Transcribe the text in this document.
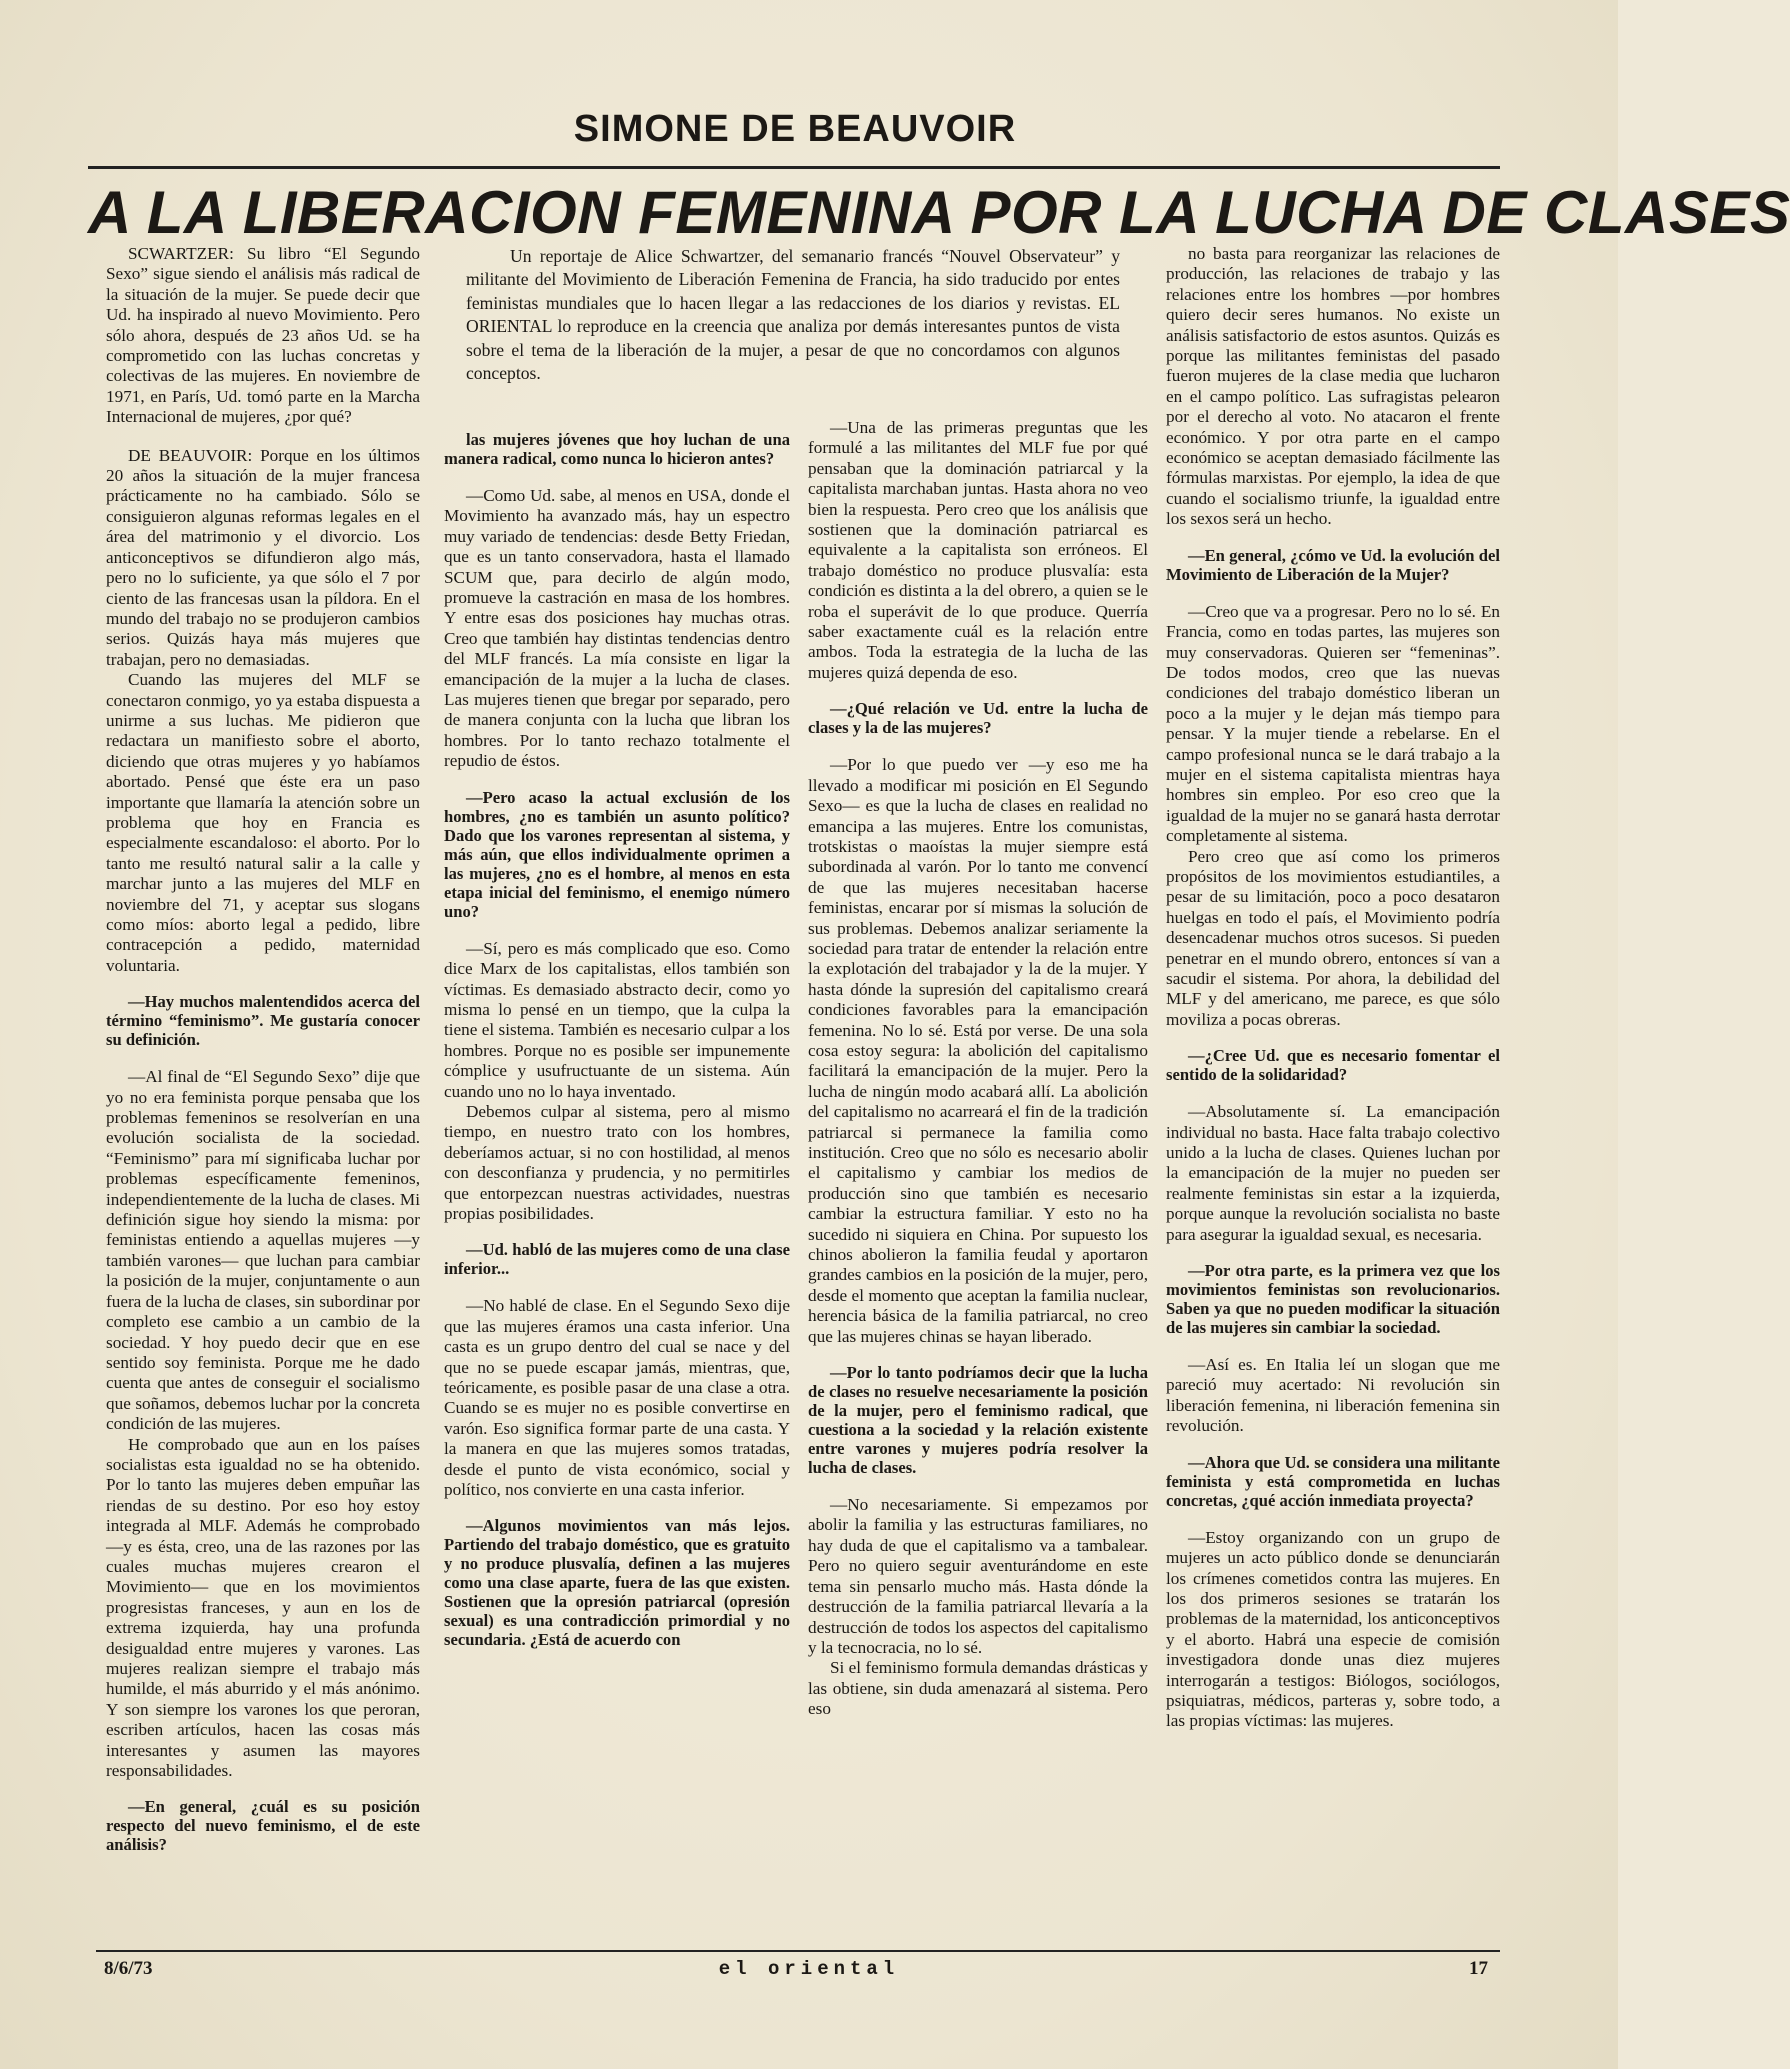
SIMONE DE BEAUVOIR
A LA LIBERACION FEMENINA POR LA LUCHA DE CLASES

Un reportaje de Alice Schwartzer, del semanario francés “Nouvel Observateur” y militante del Movimiento de Liberación Femenina de Francia, ha sido traducido por entes feministas mundiales que lo hacen llegar a las redacciones de los diarios y revistas. EL ORIENTAL lo reproduce en la creencia que analiza por demás interesantes puntos de vista sobre el tema de la liberación de la mujer, a pesar de que no concordamos con algunos conceptos.

SCWARTZER: Su libro “El Segundo Sexo” sigue siendo el análisis más radical de la situación de la mujer. Se puede decir que Ud. ha inspirado al nuevo Movimiento. Pero sólo ahora, después de 23 años Ud. se ha comprometido con las luchas concretas y colectivas de las mujeres. En noviembre de 1971, en París, Ud. tomó parte en la Marcha Internacional de mujeres, ¿por qué?

DE BEAUVOIR: Porque en los últimos 20 años la situación de la mujer francesa prácticamente no ha cambiado. Sólo se consiguieron algunas reformas legales en el área del matrimonio y el divorcio. Los anticonceptivos se difundieron algo más, pero no lo suficiente, ya que sólo el 7 por ciento de las francesas usan la píldora. En el mundo del trabajo no se produjeron cambios serios. Quizás haya más mujeres que trabajan, pero no demasiadas.

Cuando las mujeres del MLF se conectaron conmigo, yo ya estaba dispuesta a unirme a sus luchas. Me pidieron que redactara un manifiesto sobre el aborto, diciendo que otras mujeres y yo habíamos abortado. Pensé que éste era un paso importante que llamaría la atención sobre un problema que hoy en Francia es especialmente escandaloso: el aborto. Por lo tanto me resultó natural salir a la calle y marchar junto a las mujeres del MLF en noviembre del 71, y aceptar sus slogans como míos: aborto legal a pedido, libre contracepción a pedido, maternidad voluntaria.

—Hay muchos malentendidos acerca del término “feminismo”. Me gustaría conocer su definición.

—Al final de “El Segundo Sexo” dije que yo no era feminista porque pensaba que los problemas femeninos se resolverían en una evolución socialista de la sociedad. “Feminismo” para mí significaba luchar por problemas específicamente femeninos, independientemente de la lucha de clases. Mi definición sigue hoy siendo la misma: por feministas entiendo a aquellas mujeres —y también varones— que luchan para cambiar la posición de la mujer, conjuntamente o aun fuera de la lucha de clases, sin subordinar por completo ese cambio a un cambio de la sociedad. Y hoy puedo decir que en ese sentido soy feminista. Porque me he dado cuenta que antes de conseguir el socialismo que soñamos, debemos luchar por la concreta condición de las mujeres.

He comprobado que aun en los países socialistas esta igualdad no se ha obtenido. Por lo tanto las mujeres deben empuñar las riendas de su destino. Por eso hoy estoy integrada al MLF. Además he comprobado —y es ésta, creo, una de las razones por las cuales muchas mujeres crearon el Movimiento— que en los movimientos progresistas franceses, y aun en los de extrema izquierda, hay una profunda desigualdad entre mujeres y varones. Las mujeres realizan siempre el trabajo más humilde, el más aburrido y el más anónimo. Y son siempre los varones los que peroran, escriben artículos, hacen las cosas más interesantes y asumen las mayores responsabilidades.

—En general, ¿cuál es su posición respecto del nuevo feminismo, el de este análisis?

las mujeres jóvenes que hoy luchan de una manera radical, como nunca lo hicieron antes?

—Como Ud. sabe, al menos en USA, donde el Movimiento ha avanzado más, hay un espectro muy variado de tendencias: desde Betty Friedan, que es un tanto conservadora, hasta el llamado SCUM que, para decirlo de algún modo, promueve la castración en masa de los hombres. Y entre esas dos posiciones hay muchas otras. Creo que también hay distintas tendencias dentro del MLF francés. La mía consiste en ligar la emancipación de la mujer a la lucha de clases. Las mujeres tienen que bregar por separado, pero de manera conjunta con la lucha que libran los hombres. Por lo tanto rechazo totalmente el repudio de éstos.

—Pero acaso la actual exclusión de los hombres, ¿no es también un asunto político? Dado que los varones representan al sistema, y más aún, que ellos individualmente oprimen a las mujeres, ¿no es el hombre, al menos en esta etapa inicial del feminismo, el enemigo número uno?

—Sí, pero es más complicado que eso. Como dice Marx de los capitalistas, ellos también son víctimas. Es demasiado abstracto decir, como yo misma lo pensé en un tiempo, que la culpa la tiene el sistema. También es necesario culpar a los hombres. Porque no es posible ser impunemente cómplice y usufructuante de un sistema. Aún cuando uno no lo haya inventado.

Debemos culpar al sistema, pero al mismo tiempo, en nuestro trato con los hombres, deberíamos actuar, si no con hostilidad, al menos con desconfianza y prudencia, y no permitirles que entorpezcan nuestras actividades, nuestras propias posibilidades.

—Ud. habló de las mujeres como de una clase inferior...

—No hablé de clase. En el Segundo Sexo dije que las mujeres éramos una casta inferior. Una casta es un grupo dentro del cual se nace y del que no se puede escapar jamás, mientras, que, teóricamente, es posible pasar de una clase a otra. Cuando se es mujer no es posible convertirse en varón. Eso significa formar parte de una casta. Y la manera en que las mujeres somos tratadas, desde el punto de vista económico, social y político, nos convierte en una casta inferior.

—Algunos movimientos van más lejos. Partiendo del trabajo doméstico, que es gratuito y no produce plusvalía, definen a las mujeres como una clase aparte, fuera de las que existen. Sostienen que la opresión patriarcal (opresión sexual) es una contradicción primordial y no secundaria. ¿Está de acuerdo con

—Una de las primeras preguntas que les formulé a las militantes del MLF fue por qué pensaban que la dominación patriarcal y la capitalista marchaban juntas. Hasta ahora no veo bien la respuesta. Pero creo que los análisis que sostienen que la dominación patriarcal es equivalente a la capitalista son erróneos. El trabajo doméstico no produce plusvalía: esta condición es distinta a la del obrero, a quien se le roba el superávit de lo que produce. Querría saber exactamente cuál es la relación entre ambos. Toda la estrategia de la lucha de las mujeres quizá dependa de eso.

—¿Qué relación ve Ud. entre la lucha de clases y la de las mujeres?

—Por lo que puedo ver —y eso me ha llevado a modificar mi posición en El Segundo Sexo— es que la lucha de clases en realidad no emancipa a las mujeres. Entre los comunistas, trotskistas o maoístas la mujer siempre está subordinada al varón. Por lo tanto me convencí de que las mujeres necesitaban hacerse feministas, encarar por sí mismas la solución de sus problemas. Debemos analizar seriamente la sociedad para tratar de entender la relación entre la explotación del trabajador y la de la mujer. Y hasta dónde la supresión del capitalismo creará condiciones favorables para la emancipación femenina. No lo sé. Está por verse. De una sola cosa estoy segura: la abolición del capitalismo facilitará la emancipación de la mujer. Pero la lucha de ningún modo acabará allí. La abolición del capitalismo no acarreará el fin de la tradición patriarcal si permanece la familia como institución. Creo que no sólo es necesario abolir el capitalismo y cambiar los medios de producción sino que también es necesario cambiar la estructura familiar. Y esto no ha sucedido ni siquiera en China. Por supuesto los chinos abolieron la familia feudal y aportaron grandes cambios en la posición de la mujer, pero, desde el momento que aceptan la familia nuclear, herencia básica de la familia patriarcal, no creo que las mujeres chinas se hayan liberado.

—Por lo tanto podríamos decir que la lucha de clases no resuelve necesariamente la posición de la mujer, pero el feminismo radical, que cuestiona a la sociedad y la relación existente entre varones y mujeres podría resolver la lucha de clases.

—No necesariamente. Si empezamos por abolir la familia y las estructuras familiares, no hay duda de que el capitalismo va a tambalear. Pero no quiero seguir aventurándome en este tema sin pensarlo mucho más. Hasta dónde la destrucción de la familia patriarcal llevaría a la destrucción de todos los aspectos del capitalismo y la tecnocracia, no lo sé.

Si el feminismo formula demandas drásticas y las obtiene, sin duda amenazará al sistema. Pero eso

no basta para reorganizar las relaciones de producción, las relaciones de trabajo y las relaciones entre los hombres —por hombres quiero decir seres humanos. No existe un análisis satisfactorio de estos asuntos. Quizás es porque las militantes feministas del pasado fueron mujeres de la clase media que lucharon en el campo político. Las sufragistas pelearon por el derecho al voto. No atacaron el frente económico. Y por otra parte en el campo económico se aceptan demasiado fácilmente las fórmulas marxistas. Por ejemplo, la idea de que cuando el socialismo triunfe, la igualdad entre los sexos será un hecho.

—En general, ¿cómo ve Ud. la evolución del Movimiento de Liberación de la Mujer?

—Creo que va a progresar. Pero no lo sé. En Francia, como en todas partes, las mujeres son muy conservadoras. Quieren ser “femeninas”. De todos modos, creo que las nuevas condiciones del trabajo doméstico liberan un poco a la mujer y le dejan más tiempo para pensar. Y la mujer tiende a rebelarse. En el campo profesional nunca se le dará trabajo a la mujer en el sistema capitalista mientras haya hombres sin empleo. Por eso creo que la igualdad de la mujer no se ganará hasta derrotar completamente al sistema.

Pero creo que así como los primeros propósitos de los movimientos estudiantiles, a pesar de su limitación, poco a poco desataron huelgas en todo el país, el Movimiento podría desencadenar muchos otros sucesos. Si pueden penetrar en el mundo obrero, entonces sí van a sacudir el sistema. Por ahora, la debilidad del MLF y del americano, me parece, es que sólo moviliza a pocas obreras.

—¿Cree Ud. que es necesario fomentar el sentido de la solidaridad?

—Absolutamente sí. La emancipación individual no basta. Hace falta trabajo colectivo unido a la lucha de clases. Quienes luchan por la emancipación de la mujer no pueden ser realmente feministas sin estar a la izquierda, porque aunque la revolución socialista no baste para asegurar la igualdad sexual, es necesaria.

—Por otra parte, es la primera vez que los movimientos feministas son revolucionarios. Saben ya que no pueden modificar la situación de las mujeres sin cambiar la sociedad.

—Así es. En Italia leí un slogan que me pareció muy acertado: Ni revolución sin liberación femenina, ni liberación femenina sin revolución.

—Ahora que Ud. se considera una militante feminista y está comprometida en luchas concretas, ¿qué acción inmediata proyecta?

—Estoy organizando con un grupo de mujeres un acto público donde se denunciarán los crímenes cometidos contra las mujeres. En los dos primeros sesiones se tratarán los problemas de la maternidad, los anticonceptivos y el aborto. Habrá una especie de comisión investigadora donde unas diez mujeres interrogarán a testigos: Biólogos, sociólogos, psiquiatras, médicos, parteras y, sobre todo, a las propias víctimas: las mujeres.

8/6/73	el oriental	17
